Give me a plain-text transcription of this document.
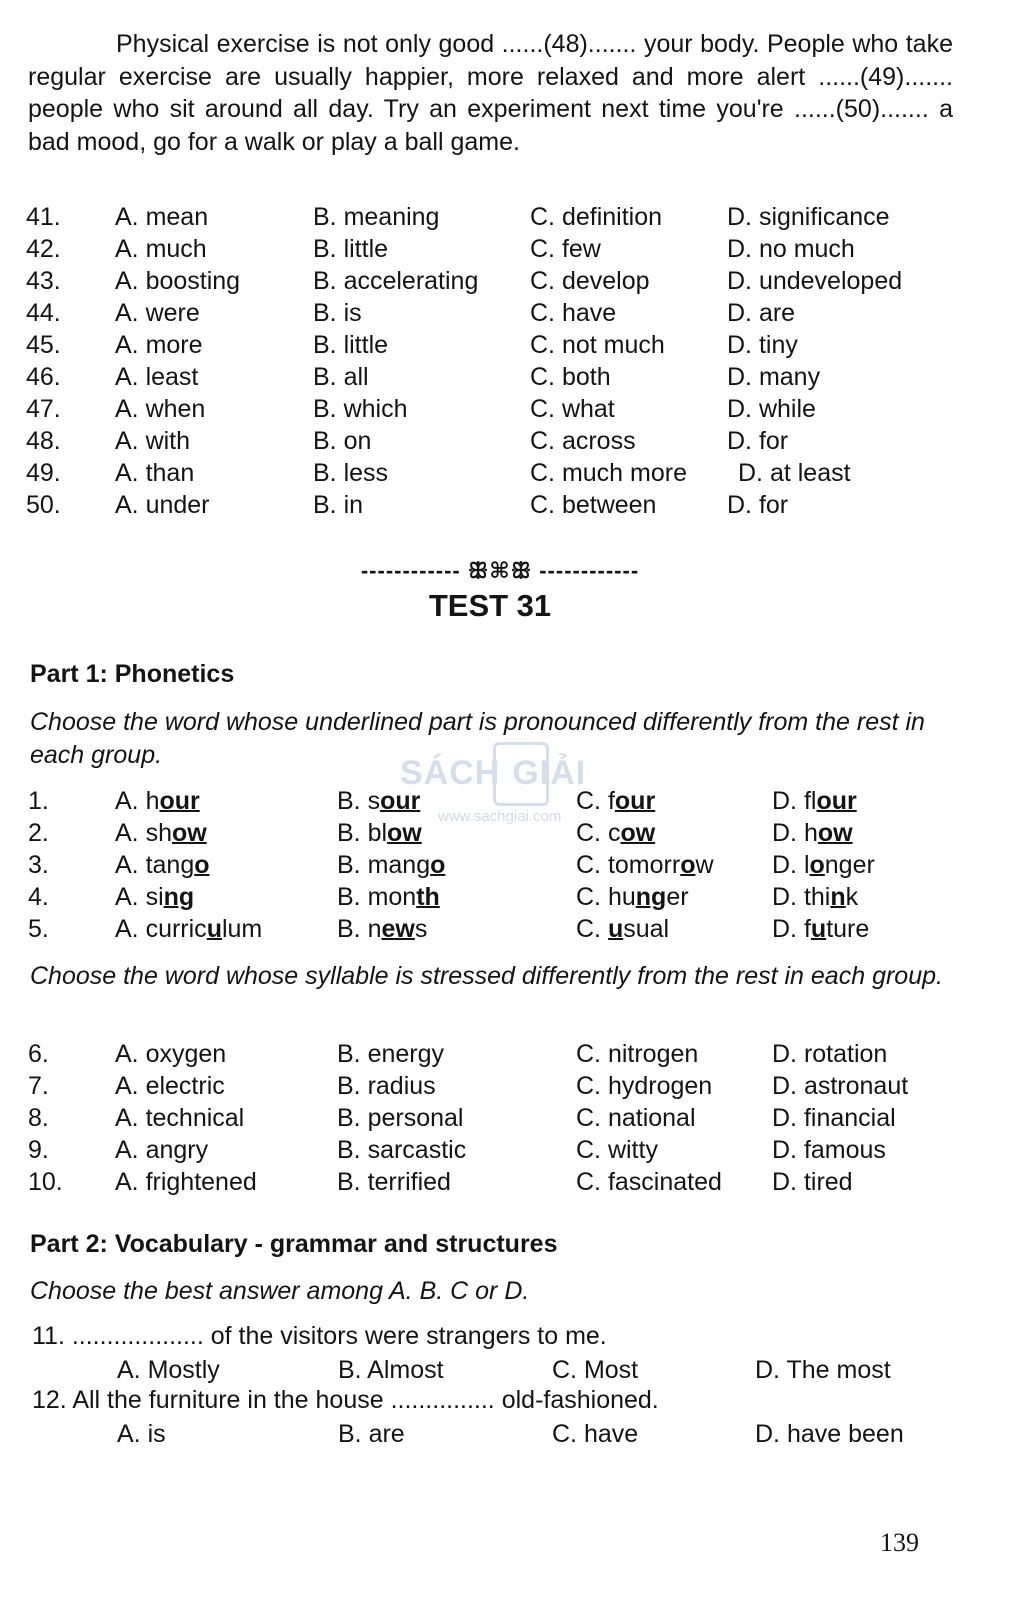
Physical exercise is not only good ......(48)....... your body. People who take regular exercise are usually happier, more relaxed and more alert ......(49)....... people who sit around all day. Try an experiment next time you're ......(50)....... a bad mood, go for a walk or play a ball game.

41. A. mean	B. meaning	C. definition	D. significance
42. A. much	B. little	C. few	D. no much
43. A. boosting	B. accelerating C. develop	D. undeveloped
44. A. were	B. is	C. have	D. are
45. A. more	B. little	C. not much D. tiny
46. A. least	B. all	C. both	D. many
47. A. when	B. which	C. what	D. while
48. A. with	B. on	C. across	D. for
49. A. than	B. less	C. much more D. at least
50. A. under	B. in	C. between	D. for
------------ ꕥ⌘ꕥ ------------
TEST 31
Part 1: Phonetics
Choose the word whose underlined part is pronounced differently from the rest in each group.
1.	A. hour	B. sour	C. four	D. flour
2.	A. show	B. blow	C. cow	D. how
3.	A. tango	B. mango	C. tomorrow D. longer
4.	A. sing	B. month	C. hunger	D. think
5.	A. curriculum	B. news	C. usual	D. future
Choose the word whose syllable is stressed differently from the rest in each group.
6.	A. oxygen	B. energy	C. nitrogen	D. rotation
7.	A. electric	B. radius	C. hydrogen D. astronaut
8.	A. technical	B. personal	C. national	D. financial
9.	A. angry	B. sarcastic	C. witty	D. famous
10. A. frightened	B. terrified	C. fascinated D. tired
Part 2: Vocabulary - grammar and structures
Choose the best answer among A. B. C or D.
11. ................... of the visitors were strangers to me.
A. Mostly	B. Almost	C. Most	D. The most
12. All the furniture in the house ............... old-fashioned.
A. is	B. are	C. have	D. have been
SÁCH GIẢI
www.sachgiai.com
139
